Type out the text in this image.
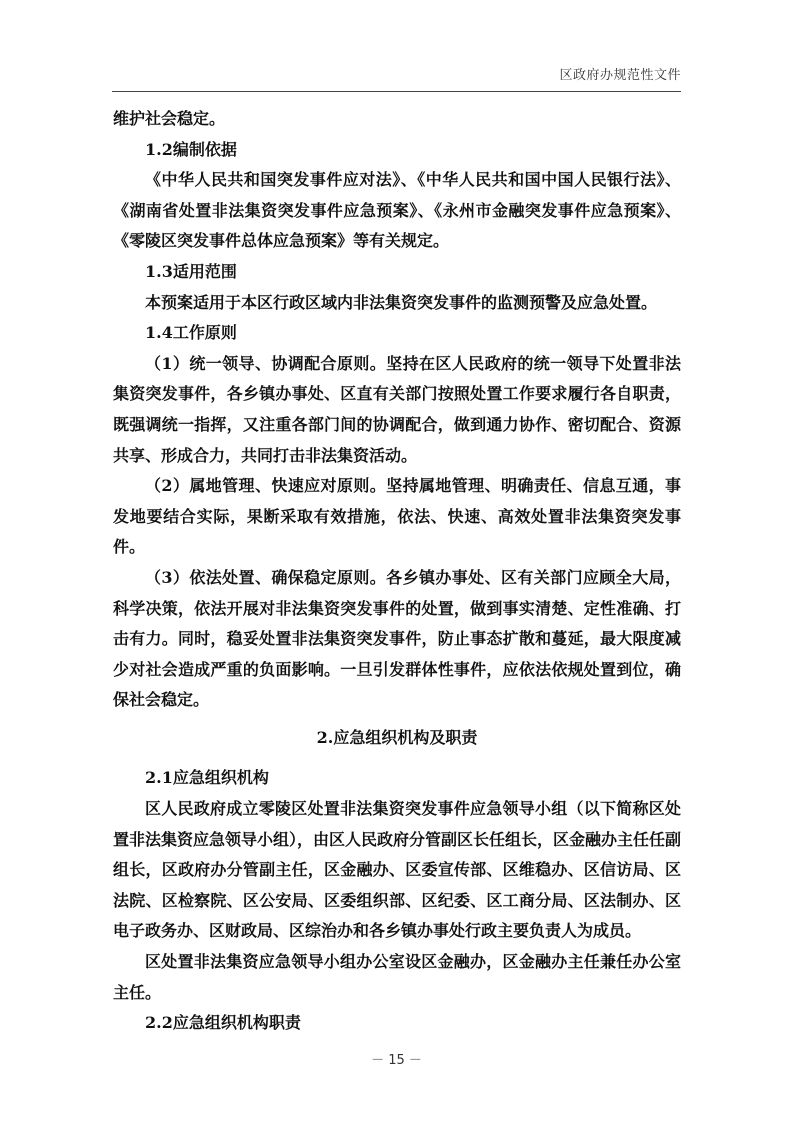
区政府办规范性文件

维护社会稳定。

1.2编制依据

《中华人民共和国突发事件应对法》、《中华人民共和国中国人民银行法》、《湖南省处置非法集资突发事件应急预案》、《永州市金融突发事件应急预案》、《零陵区突发事件总体应急预案》等有关规定。

1.3适用范围

本预案适用于本区行政区域内非法集资突发事件的监测预警及应急处置。

1.4工作原则

（1）统一领导、协调配合原则。坚持在区人民政府的统一领导下处置非法集资突发事件，各乡镇办事处、区直有关部门按照处置工作要求履行各自职责，既强调统一指挥，又注重各部门间的协调配合，做到通力协作、密切配合、资源共享、形成合力，共同打击非法集资活动。

（2）属地管理、快速应对原则。坚持属地管理、明确责任、信息互通，事发地要结合实际，果断采取有效措施，依法、快速、高效处置非法集资突发事件。

（3）依法处置、确保稳定原则。各乡镇办事处、区有关部门应顾全大局，科学决策，依法开展对非法集资突发事件的处置，做到事实清楚、定性准确、打击有力。同时，稳妥处置非法集资突发事件，防止事态扩散和蔓延，最大限度减少对社会造成严重的负面影响。一旦引发群体性事件，应依法依规处置到位，确保社会稳定。

2.应急组织机构及职责

2.1应急组织机构

区人民政府成立零陵区处置非法集资突发事件应急领导小组（以下简称区处置非法集资应急领导小组），由区人民政府分管副区长任组长，区金融办主任任副组长，区政府办分管副主任，区金融办、区委宣传部、区维稳办、区信访局、区法院、区检察院、区公安局、区委组织部、区纪委、区工商分局、区法制办、区电子政务办、区财政局、区综治办和各乡镇办事处行政主要负责人为成员。

区处置非法集资应急领导小组办公室设区金融办，区金融办主任兼任办公室主任。

2.2应急组织机构职责

－ 15 －
